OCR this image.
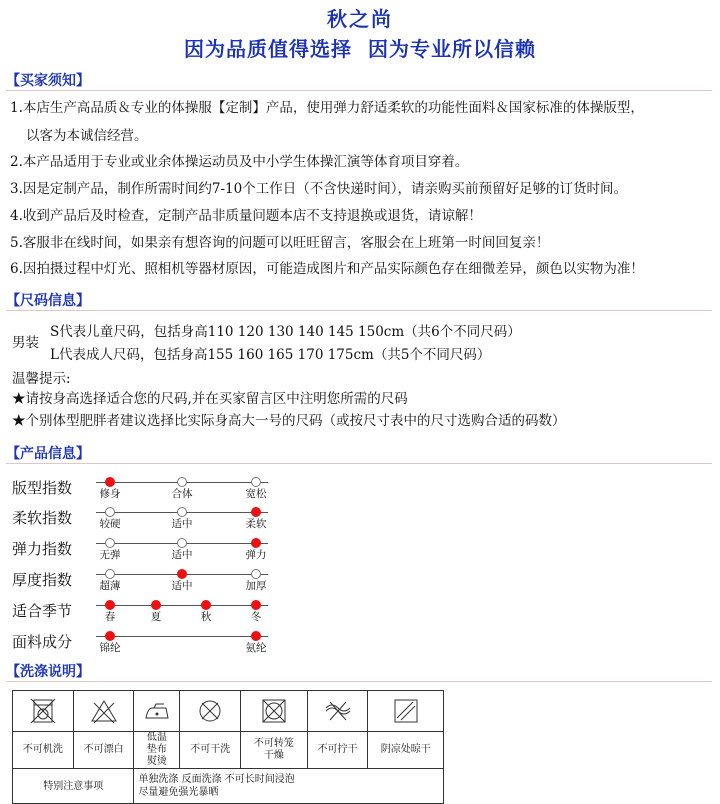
秋之尚
因为品质值得选择  因为专业所以信赖
【买家须知】
1.本店生产高品质＆专业的体操服【定制】产品，使用弹力舒适柔软的功能性面料＆国家标准的体操版型，
以客为本诚信经营。
2.本产品适用于专业或业余体操运动员及中小学生体操汇演等体育项目穿着。
3.因是定制产品，制作所需时间约7-10个工作日（不含快递时间），请亲购买前预留好足够的订货时间。
4.收到产品后及时检查，定制产品非质量问题本店不支持退换或退货，请谅解！
5.客服非在线时间，如果亲有想咨询的问题可以旺旺留言，客服会在上班第一时间回复亲！
6.因拍摄过程中灯光、照相机等器材原因，可能造成图片和产品实际颜色存在细微差异，颜色以实物为准！
【尺码信息】
男装
S代表儿童尺码，包括身高110 120 130 140 145 150cm（共6个不同尺码）
L代表成人尺码，包括身高155 160 165 170 175cm（共5个不同尺码）
温馨提示:
★请按身高选择适合您的尺码,并在买家留言区中注明您所需的尺码
★个别体型肥胖者建议选择比实际身高大一号的尺码（或按尺寸表中的尺寸选购合适的码数）
【产品信息】
版型指数	修身	合体	宽松
柔软指数	较硬	适中	柔软
弹力指数	无弹	适中	弹力
厚度指数	超薄	适中	加厚
适合季节	春	夏	秋	冬
面料成分	锦纶	氨纶
【洗涤说明】

不可机洗	不可漂白	低温垫布熨烫	不可干洗	不可转笼干燥	不可拧干	阴凉处晾干
特别注意事项		单独洗涤 反面洗涤 不可长时间浸泡
尽量避免强光暴晒				
